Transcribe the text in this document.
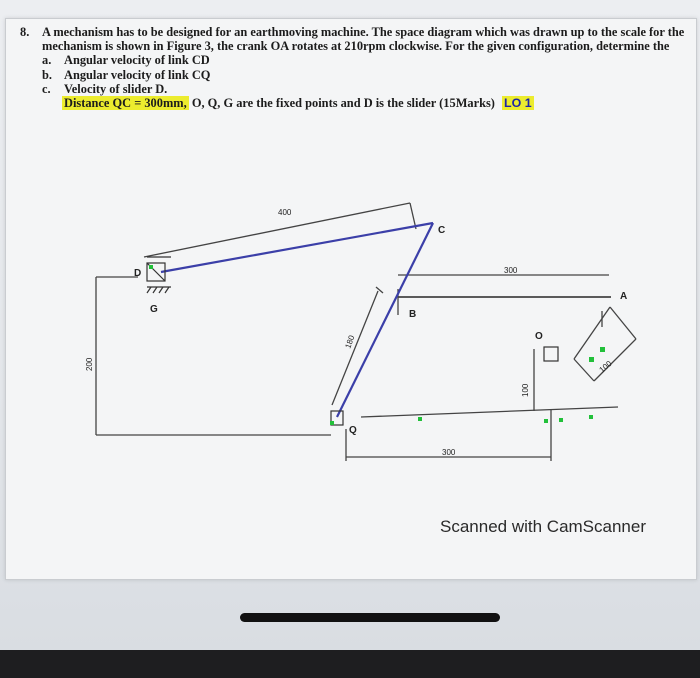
8. A mechanism has to be designed for an earthmoving machine. The space diagram which was drawn up to the scale for the mechanism is shown in Figure 3, the crank OA rotates at 210rpm clockwise. For the given configuration, determine the
a. Angular velocity of link CD
b. Angular velocity of link CQ
c. Velocity of slider D.
Distance QC = 300mm, O, Q, G are the fixed points and D is the slider (15Marks) LO 1
D
G
C
B
Q
O
A
400
180
300
300
200
100
100
Scanned with CamScanner
